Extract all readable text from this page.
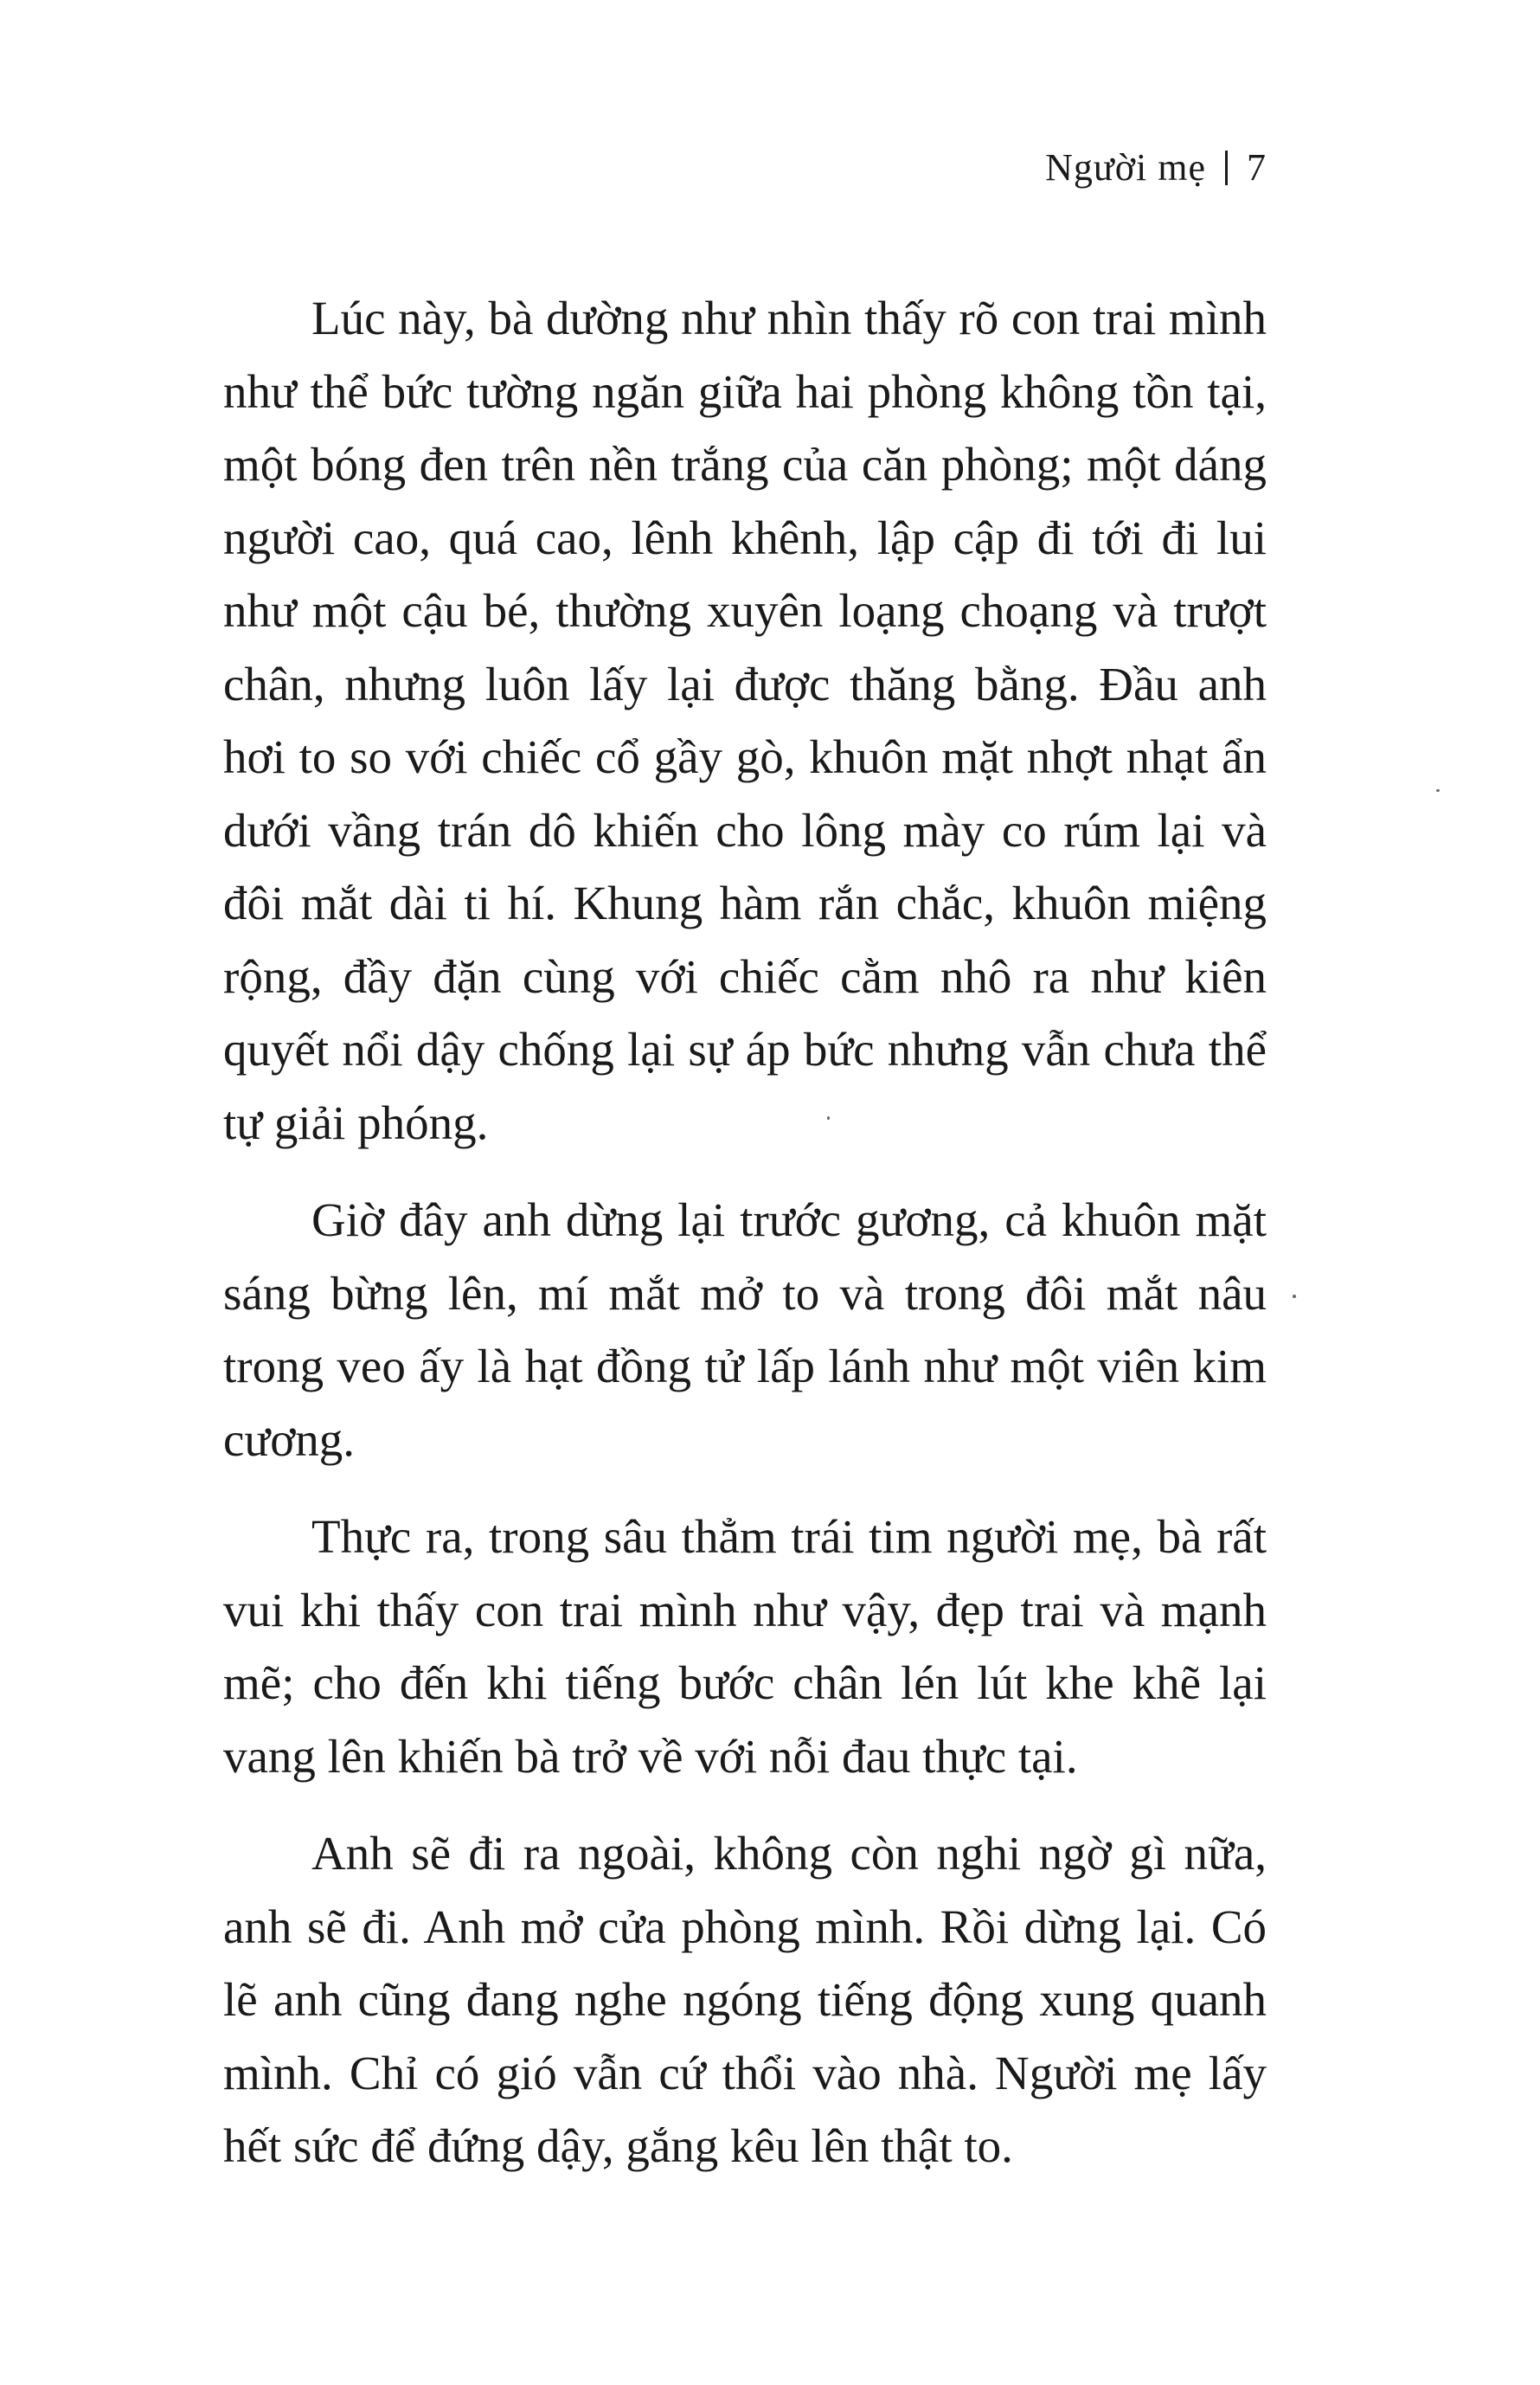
Người mẹ 7

Lúc này, bà dường như nhìn thấy rõ con trai mình như thể bức tường ngăn giữa hai phòng không tồn tại, một bóng đen trên nền trắng của căn phòng; một dáng người cao, quá cao, lênh khênh, lập cập đi tới đi lui như một cậu bé, thường xuyên loạng choạng và trượt chân, nhưng luôn lấy lại được thăng bằng. Đầu anh hơi to so với chiếc cổ gầy gò, khuôn mặt nhợt nhạt ẩn dưới vầng trán dô khiến cho lông mày co rúm lại và đôi mắt dài ti hí. Khung hàm rắn chắc, khuôn miệng rộng, đầy đặn cùng với chiếc cằm nhô ra như kiên quyết nổi dậy chống lại sự áp bức nhưng vẫn chưa thể tự giải phóng.

Giờ đây anh dừng lại trước gương, cả khuôn mặt sáng bừng lên, mí mắt mở to và trong đôi mắt nâu trong veo ấy là hạt đồng tử lấp lánh như một viên kim cương.

Thực ra, trong sâu thẳm trái tim người mẹ, bà rất vui khi thấy con trai mình như vậy, đẹp trai và mạnh mẽ; cho đến khi tiếng bước chân lén lút khe khẽ lại vang lên khiến bà trở về với nỗi đau thực tại.

Anh sẽ đi ra ngoài, không còn nghi ngờ gì nữa, anh sẽ đi. Anh mở cửa phòng mình. Rồi dừng lại. Có lẽ anh cũng đang nghe ngóng tiếng động xung quanh mình. Chỉ có gió vẫn cứ thổi vào nhà. Người mẹ lấy hết sức để đứng dậy, gắng kêu lên thật to.
